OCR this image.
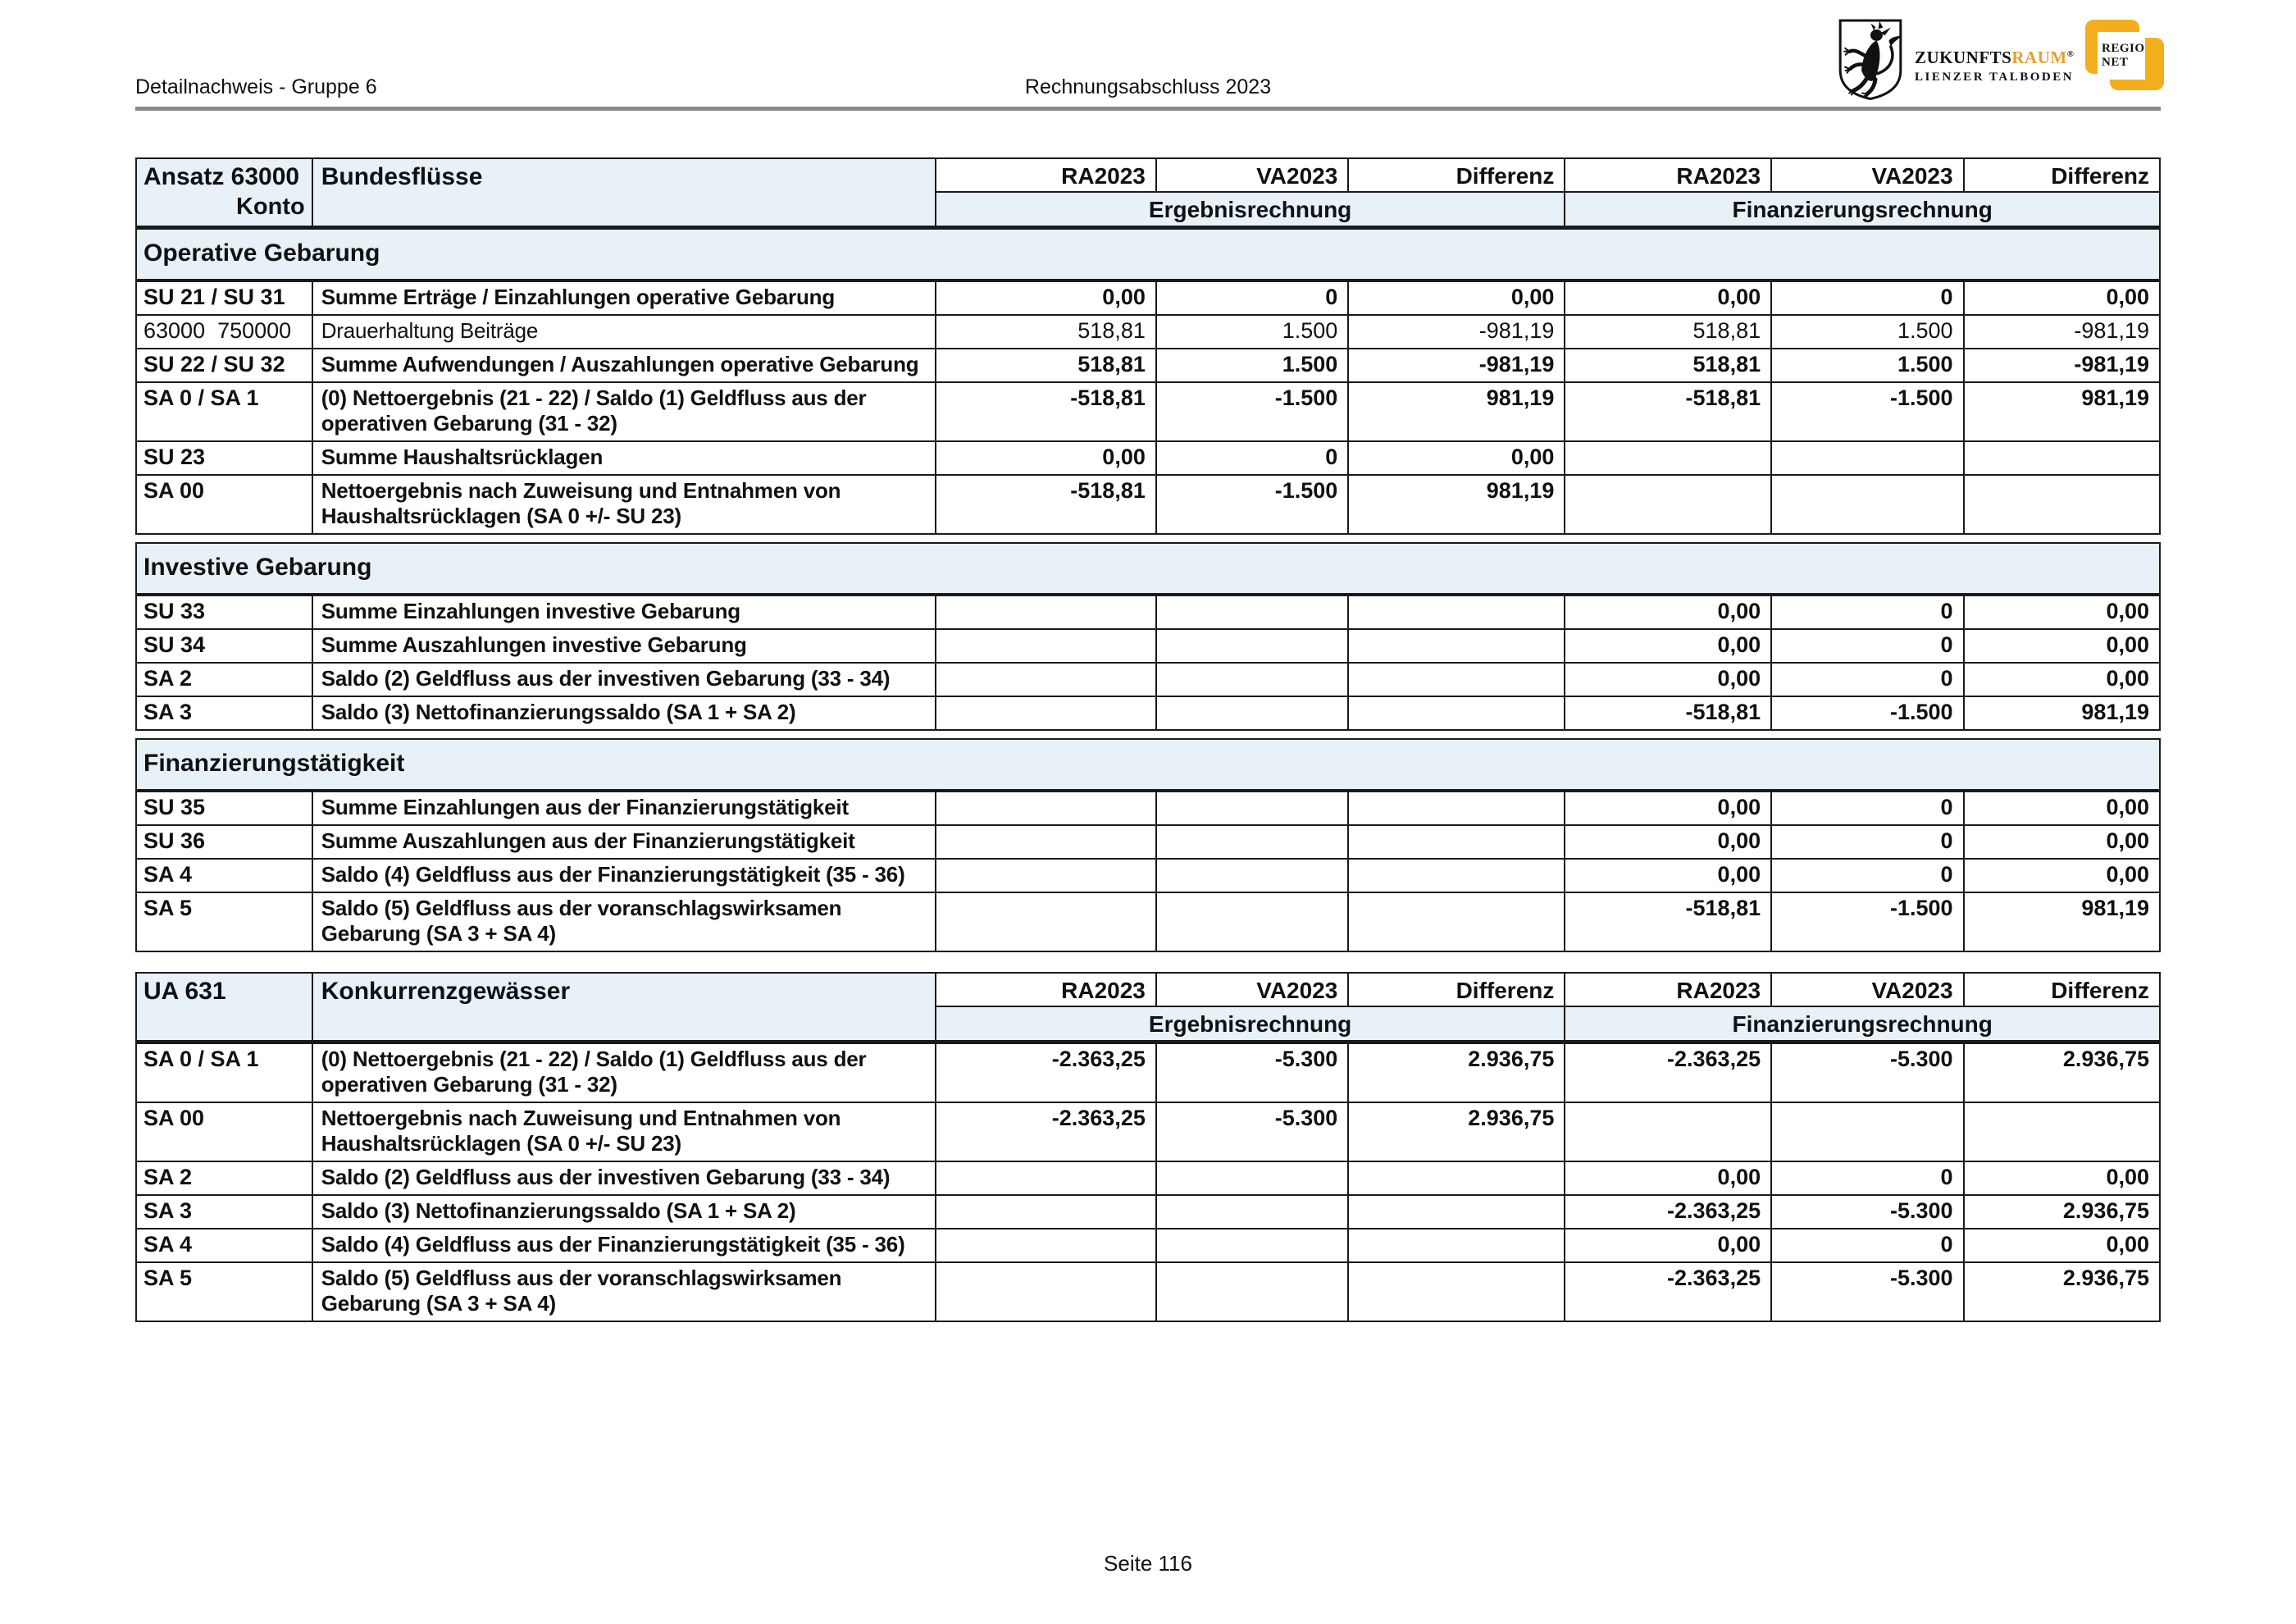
Detailnachweis - Gruppe 6	Rechnungsabschluss 2023
ZUKUNFTSRAUM®
LIENZER TALBODEN
REGIO
NET
Ansatz 63000
Konto	Bundesflüsse	RA2023	VA2023	Differenz	RA2023	VA2023	Differenz
		Ergebnisrechnung			Finanzierungsrechnung		
Operative Gebarung							
SU 21 / SU 31	Summe Erträge / Einzahlungen operative Gebarung	0,00	0	0,00	0,00	0	0,00
63000  750000	Drauerhaltung Beiträge	518,81	1.500	-981,19	518,81	1.500	-981,19
SU 22 / SU 32	Summe Aufwendungen / Auszahlungen operative Gebarung	518,81	1.500	-981,19	518,81	1.500	-981,19
SA 0 / SA 1	(0) Nettoergebnis (21 - 22) / Saldo (1) Geldfluss aus der operativen Gebarung (31 - 32)	-518,81	-1.500	981,19	-518,81	-1.500	981,19
SU 23	Summe Haushaltsrücklagen	0,00	0	0,00			
SA 00	Nettoergebnis nach Zuweisung und Entnahmen von Haushaltsrücklagen (SA 0 +/- SU 23)	-518,81	-1.500	981,19			

Investive Gebarung							
SU 33	Summe Einzahlungen investive Gebarung				0,00	0	0,00
SU 34	Summe Auszahlungen investive Gebarung				0,00	0	0,00
SA 2	Saldo (2) Geldfluss aus der investiven Gebarung (33 - 34)				0,00	0	0,00
SA 3	Saldo (3) Nettofinanzierungssaldo (SA 1 + SA 2)				-518,81	-1.500	981,19

Finanzierungstätigkeit							
SU 35	Summe Einzahlungen aus der Finanzierungstätigkeit				0,00	0	0,00
SU 36	Summe Auszahlungen aus der Finanzierungstätigkeit				0,00	0	0,00
SA 4	Saldo (4) Geldfluss aus der Finanzierungstätigkeit (35 - 36)				0,00	0	0,00
SA 5	Saldo (5) Geldfluss aus der voranschlagswirksamen Gebarung (SA 3 + SA 4)				-518,81	-1.500	981,19
UA 631	Konkurrenzgewässer	RA2023	VA2023	Differenz	RA2023	VA2023	Differenz
		Ergebnisrechnung			Finanzierungsrechnung		
SA 0 / SA 1	(0) Nettoergebnis (21 - 22) / Saldo (1) Geldfluss aus der operativen Gebarung (31 - 32)	-2.363,25	-5.300	2.936,75	-2.363,25	-5.300	2.936,75
SA 00	Nettoergebnis nach Zuweisung und Entnahmen von Haushaltsrücklagen (SA 0 +/- SU 23)	-2.363,25	-5.300	2.936,75			
SA 2	Saldo (2) Geldfluss aus der investiven Gebarung (33 - 34)				0,00	0	0,00
SA 3	Saldo (3) Nettofinanzierungssaldo (SA 1 + SA 2)				-2.363,25	-5.300	2.936,75
SA 4	Saldo (4) Geldfluss aus der Finanzierungstätigkeit (35 - 36)				0,00	0	0,00
SA 5	Saldo (5) Geldfluss aus der voranschlagswirksamen Gebarung (SA 3 + SA 4)				-2.363,25	-5.300	2.936,75
Seite 116
